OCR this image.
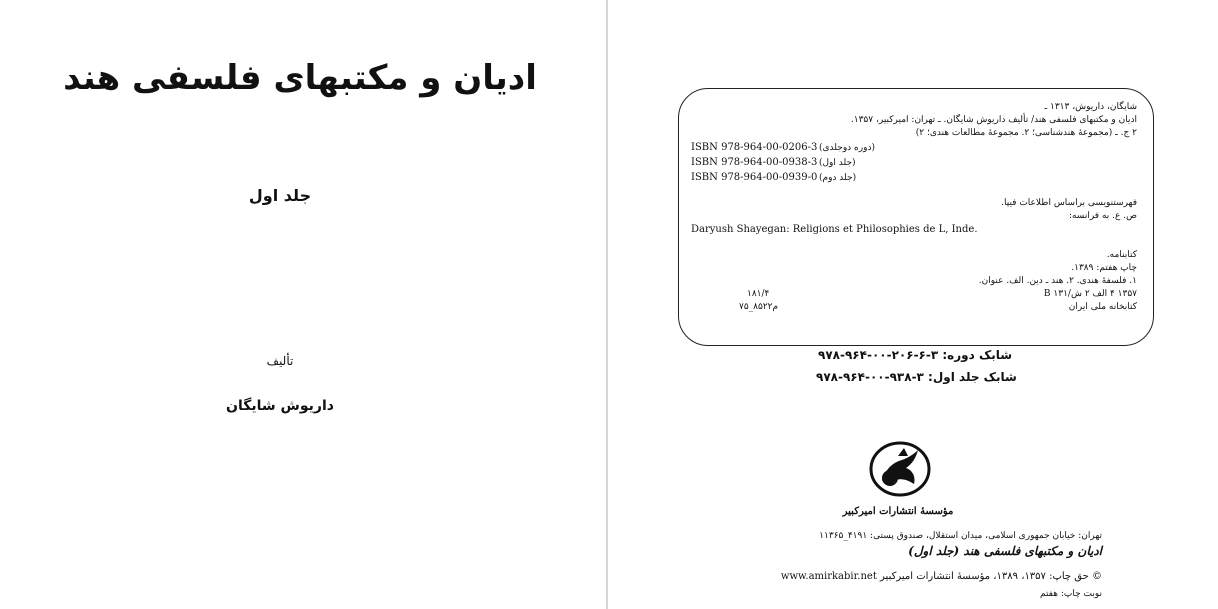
ادیان و مکتبهای فلسفی هند
جلد اول
تألیف
داریوش شایگان
شایگان، داریوش، ۱۳۱۳ ـ
ادیان و مکتبهای فلسفی هند/ تألیف داریوش شایگان. ـ تهران: امیرکبیر، ۱۳۵۷.
۲ ج. ـ (مجموعهٔ هندشناسی؛ ۲. مجموعهٔ مطالعات هندی؛ ۲)
ISBN 978-964-00-0206-3 (دوره دوجلدی)
ISBN 978-964-00-0938-3 (جلد اول)
ISBN 978-964-00-0939-0 (جلد دوم)
فهرستنویسی براساس اطلاعات فیپا.
ص. ع. به فرانسه:
Daryush Shayegan: Religions et Philosophies de L, Inde.
کتابنامه.
چاپ هفتم: ۱۳۸۹.
۱. فلسفهٔ هندی. ۲. هند ـ دین. الف. عنوان.
۱۳۵۷ ۴ الف ۲ ش/۱۳۱ B
۱۸۱/۴
کتابخانه ملی ایران
م۸۵۲۲_۷۵
شابک دوره: ۳-۶-۲۰۶-۰۰-۹۶۴-۹۷۸
شابک جلد اول: ۳-۹۳۸-۰۰-۹۶۴-۹۷۸
مؤسسهٔ انتشارات امیرکبیر
تهران: خیابان جمهوری اسلامی، میدان استقلال، صندوق پستی: ۴۱۹۱_۱۱۳۶۵
ادیان و مکتبهای فلسفی هند (جلد اول)
© حق چاپ: ۱۳۵۷، ۱۳۸۹، مؤسسهٔ انتشارات امیرکبیر www.amirkabir.net
نوبت چاپ: هفتم
